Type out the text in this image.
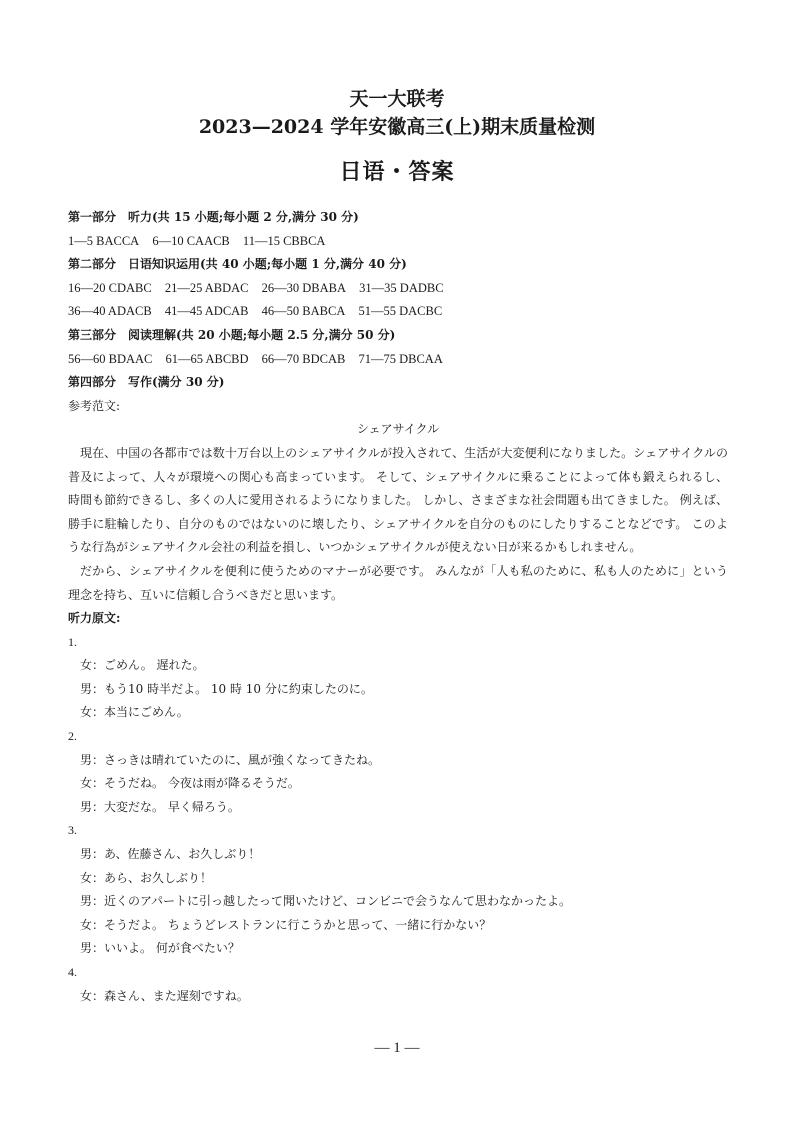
天一大联考
2023—2024 学年安徽高三(上)期末质量检测
日语・答案
第一部分　听力(共 15 小题;每小题 2 分,满分 30 分)
1—5 BACCA 6—10 CAACB 11—15 CBBCA
第二部分　日语知识运用(共 40 小题;每小题 1 分,满分 40 分)
16—20 CDABC 21—25 ABDAC 26—30 DBABA 31—35 DADBC
36—40 ADACB 41—45 ADCAB 46—50 BABCA 51—55 DACBC
第三部分　阅读理解(共 20 小题;每小题 2.5 分,满分 50 分)
56—60 BDAAC 61—65 ABCBD 66—70 BDCAB 71—75 DBCAA
第四部分　写作(满分 30 分)
参考范文:
シェアサイクル

現在、中国の各都市では数十万台以上のシェアサイクルが投入されて、生活が大変便利になりました。シェアサイクルの普及によって、人々が環境への関心も高まっています。 そして、シェアサイクルに乗ることによって体も鍛えられるし、時間も節約できるし、多くの人に愛用されるようになりました。 しかし、さまざまな社会問題も出てきました。 例えば、勝手に駐輪したり、自分のものではないのに壊したり、シェアサイクルを自分のものにしたりすることなどです。 このような行為がシェアサイクル会社の利益を損し、いつかシェアサイクルが使えない日が来るかもしれません。

だから、シェアサイクルを便利に使うためのマナーが必要です。 みんなが「人も私のために、私も人のために」という理念を持ち、互いに信頼し合うべきだと思います。

听力原文:
1.
女：ごめん。 遅れた。
男：もう10 時半だよ。 10 時 10 分に約束したのに。
女：本当にごめん。
2.
男：さっきは晴れていたのに、風が強くなってきたね。
女：そうだね。 今夜は雨が降るそうだ。
男：大変だな。 早く帰ろう。
3.
男：あ、佐藤さん、お久しぶり！
女：あら、お久しぶり！
男：近くのアパートに引っ越したって聞いたけど、コンビニで会うなんて思わなかったよ。
女：そうだよ。 ちょうどレストランに行こうかと思って、一緒に行かない？
男：いいよ。 何が食べたい？
4.
女：森さん、また遅刻ですね。
— 1 —
